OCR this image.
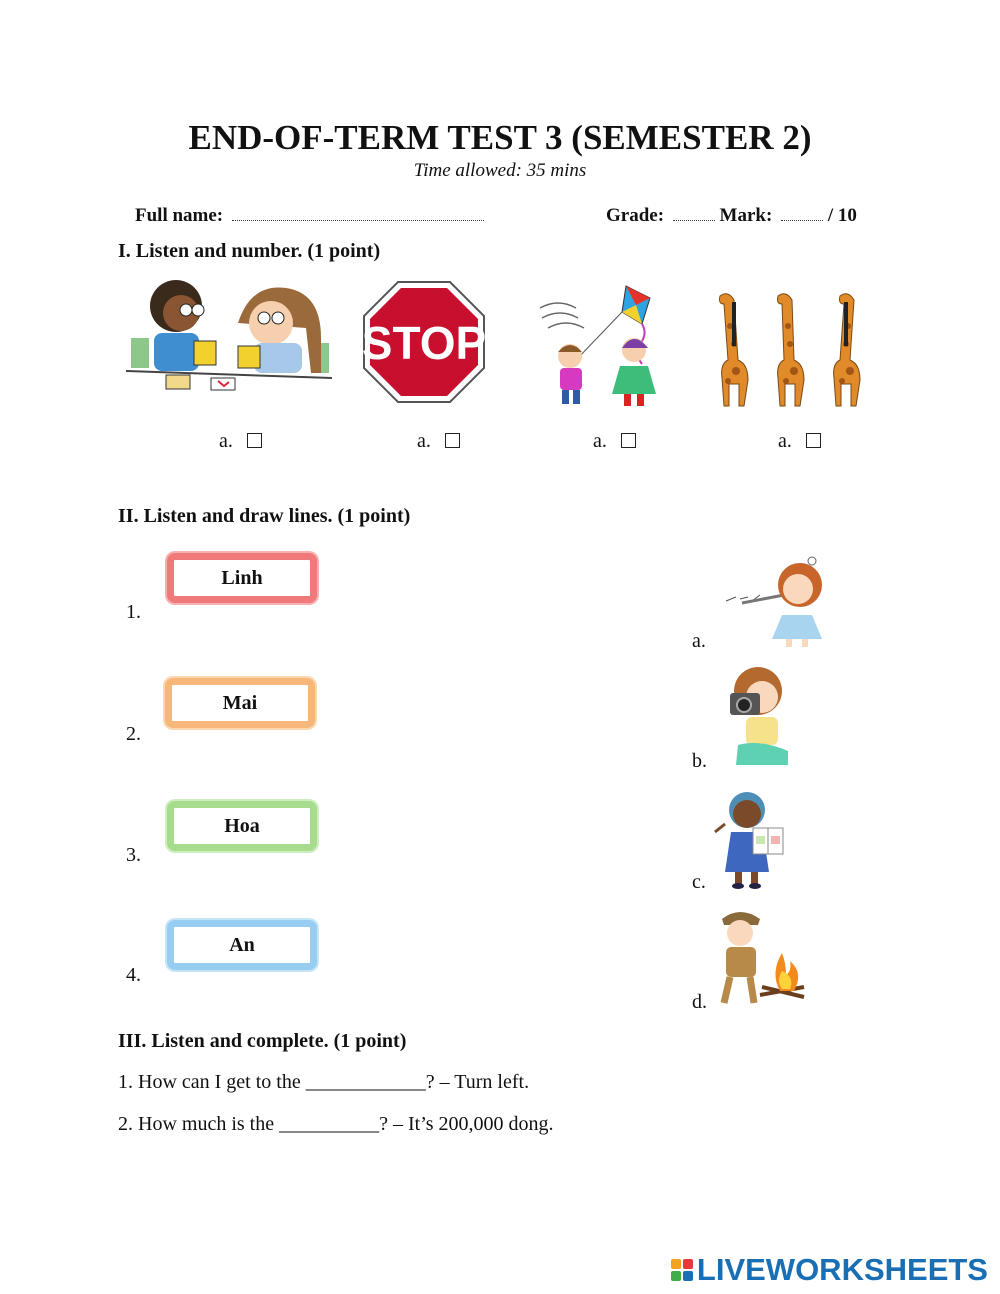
END-OF-TERM TEST 3 (SEMESTER 2)
Time allowed: 35 mins
Full name:	Grade:	Mark:	/ 10
I. Listen and number. (1 point)
STOP
a.	a.	a.	a.
II. Listen and draw lines. (1 point)
1.
Linh
2.
Mai
3.
Hoa
4.
An
a.
b.
c.
d.
III. Listen and complete. (1 point)
1. How can I get to the ____________? – Turn left.
2. How much is the __________? – It’s 200,000 dong.
LIVEWORKSHEETS
